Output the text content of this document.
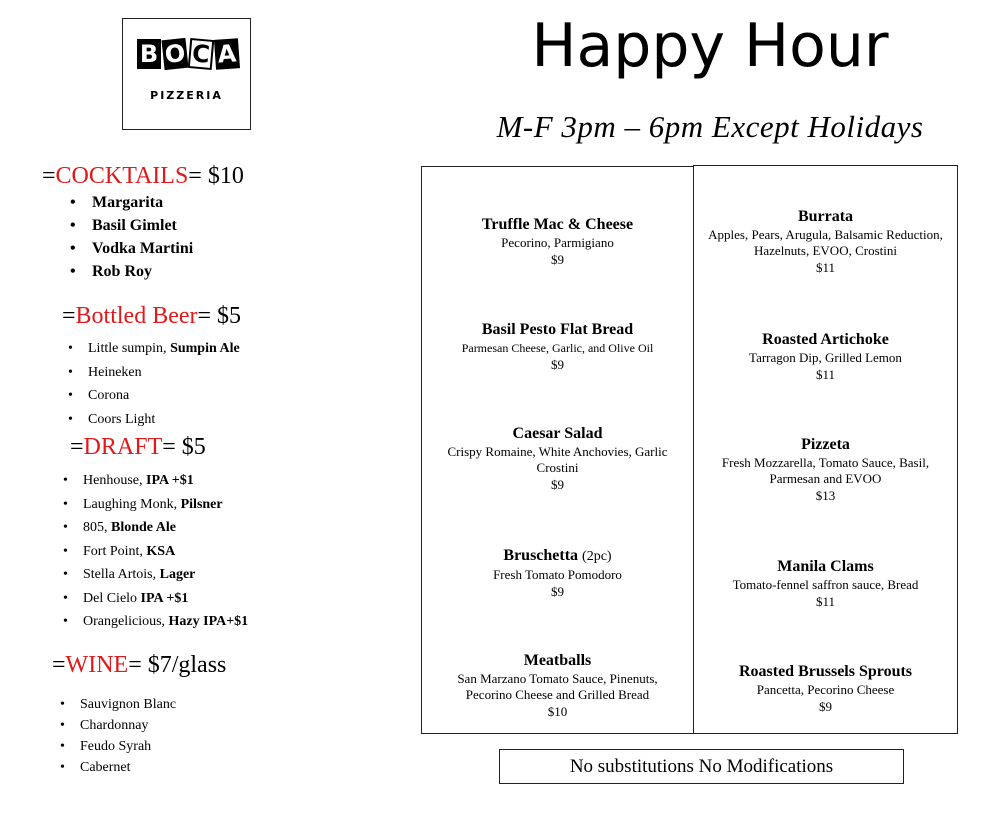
B O C A
PIZZERIA
Happy Hour
M-F 3pm – 6pm Except Holidays
=COCKTAILS= $10
• Margarita
• Basil Gimlet
• Vodka Martini
• Rob Roy
=Bottled Beer= $5
• Little sumpin, Sumpin Ale
• Heineken
• Corona
• Coors Light
=DRAFT= $5
• Henhouse, IPA +$1
• Laughing Monk, Pilsner
• 805, Blonde Ale
• Fort Point, KSA
• Stella Artois, Lager
• Del Cielo IPA +$1
• Orangelicious, Hazy IPA+$1
=WINE= $7/glass
• Sauvignon Blanc
• Chardonnay
• Feudo Syrah
• Cabernet
Truffle Mac & Cheese
Pecorino, Parmigiano
$9
Basil Pesto Flat Bread
Parmesan Cheese, Garlic, and Olive Oil
$9
Caesar Salad
Crispy Romaine, White Anchovies, Garlic Crostini
$9
Bruschetta (2pc)
Fresh Tomato Pomodoro
$9
Meatballs
San Marzano Tomato Sauce, Pinenuts, Pecorino Cheese and Grilled Bread
$10
Burrata
Apples, Pears, Arugula, Balsamic Reduction, Hazelnuts, EVOO, Crostini
$11
Roasted Artichoke
Tarragon Dip, Grilled Lemon
$11
Pizzeta
Fresh Mozzarella, Tomato Sauce, Basil, Parmesan and EVOO
$13
Manila Clams
Tomato-fennel saffron sauce, Bread
$11
Roasted Brussels Sprouts
Pancetta, Pecorino Cheese
$9
No substitutions No Modifications
